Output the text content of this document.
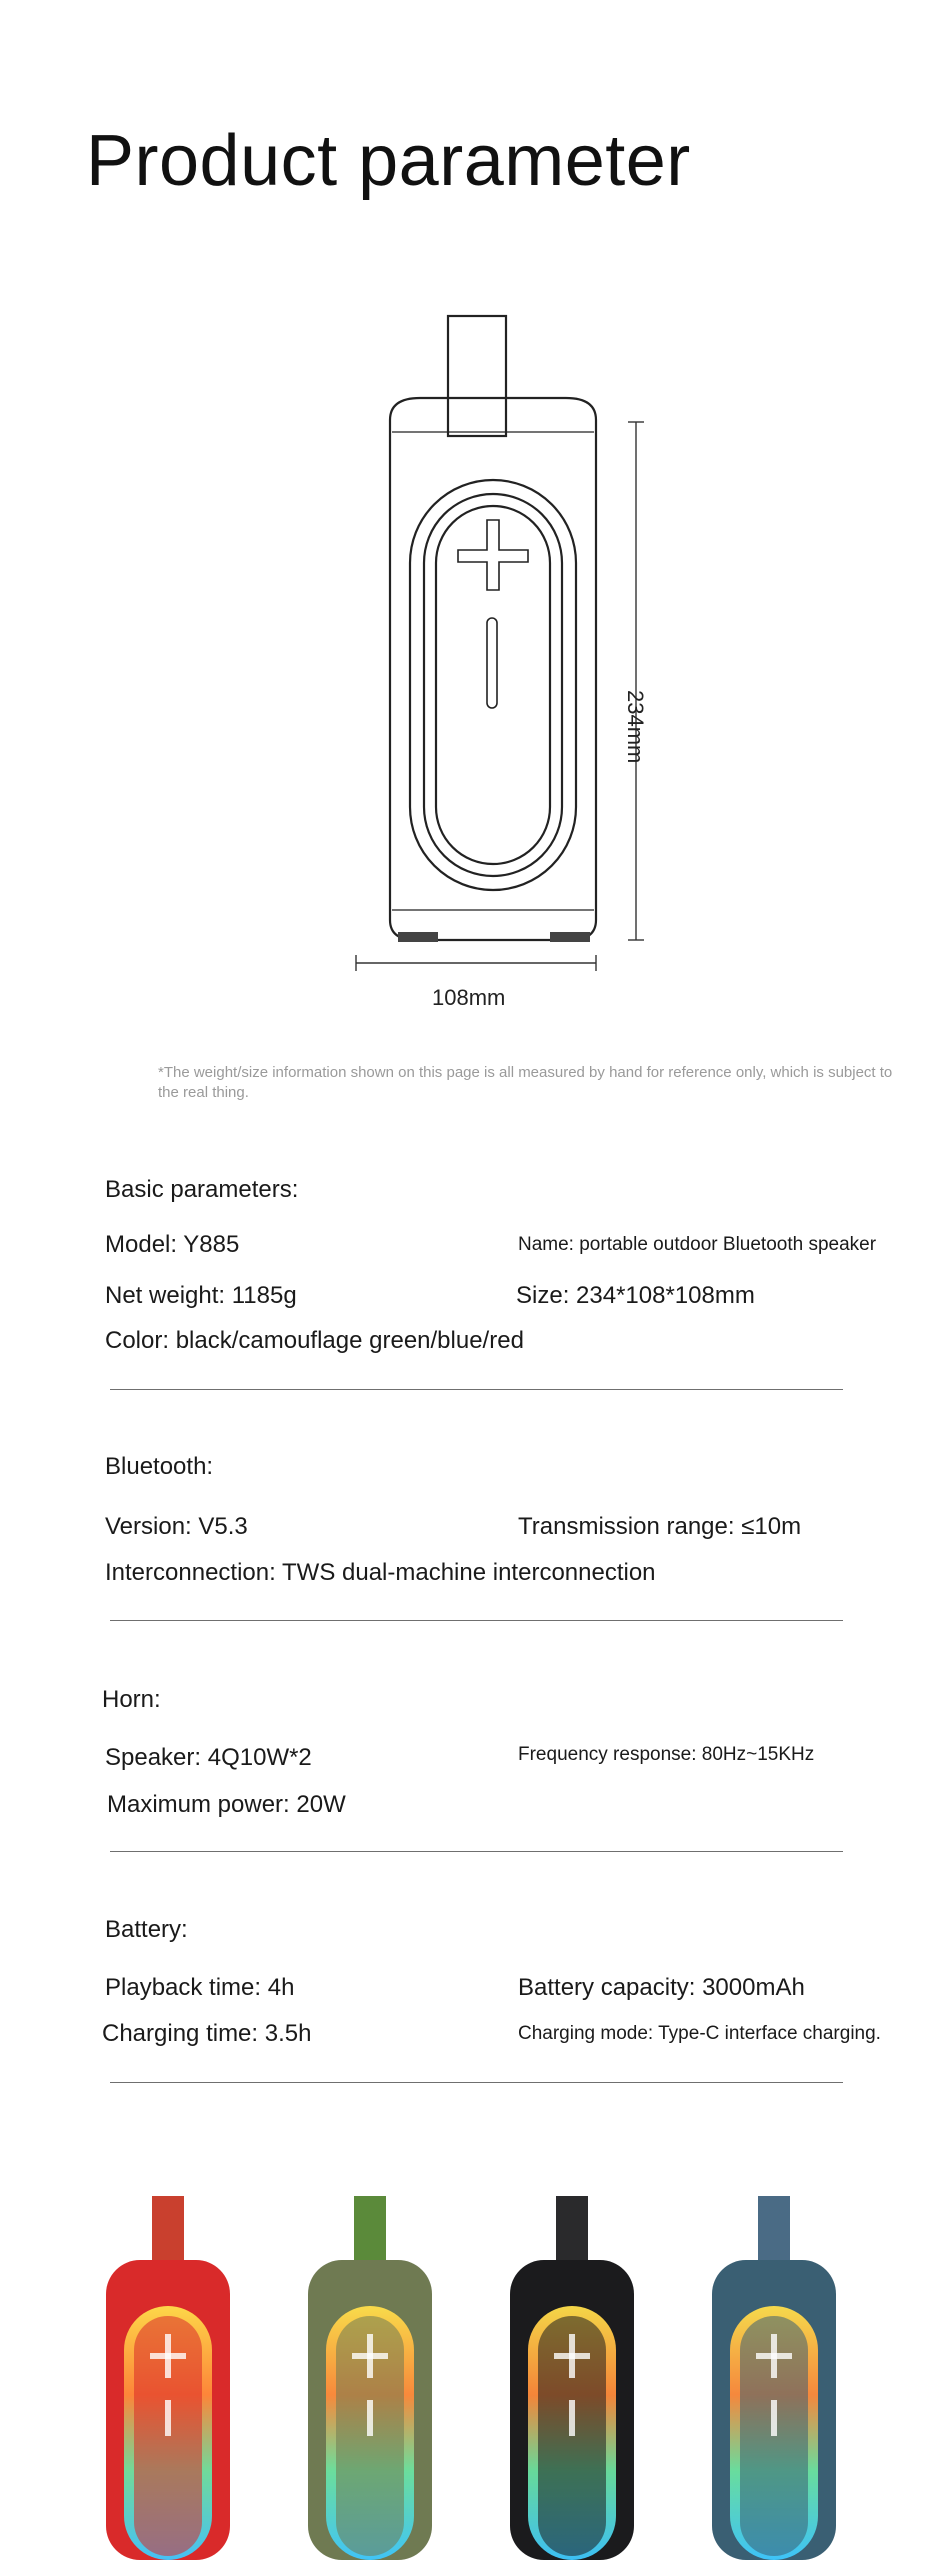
Product parameter
234mm
108mm
*The weight/size information shown on this page is all measured by hand for reference only, which is subject to the real thing.
Basic parameters:
Model: Y885	Name: portable outdoor Bluetooth speaker
Net weight: 1185g	Size: 234*108*108mm
Color: black/camouflage green/blue/red
Bluetooth:
Version: V5.3	Transmission range: ≤10m
Interconnection: TWS dual-machine interconnection
Horn:
Speaker: 4Q10W*2	Frequency response: 80Hz~15KHz
Maximum power: 20W
Battery:
Playback time: 4h	Battery capacity: 3000mAh
Charging time: 3.5h	Charging mode: Type-C interface charging.
